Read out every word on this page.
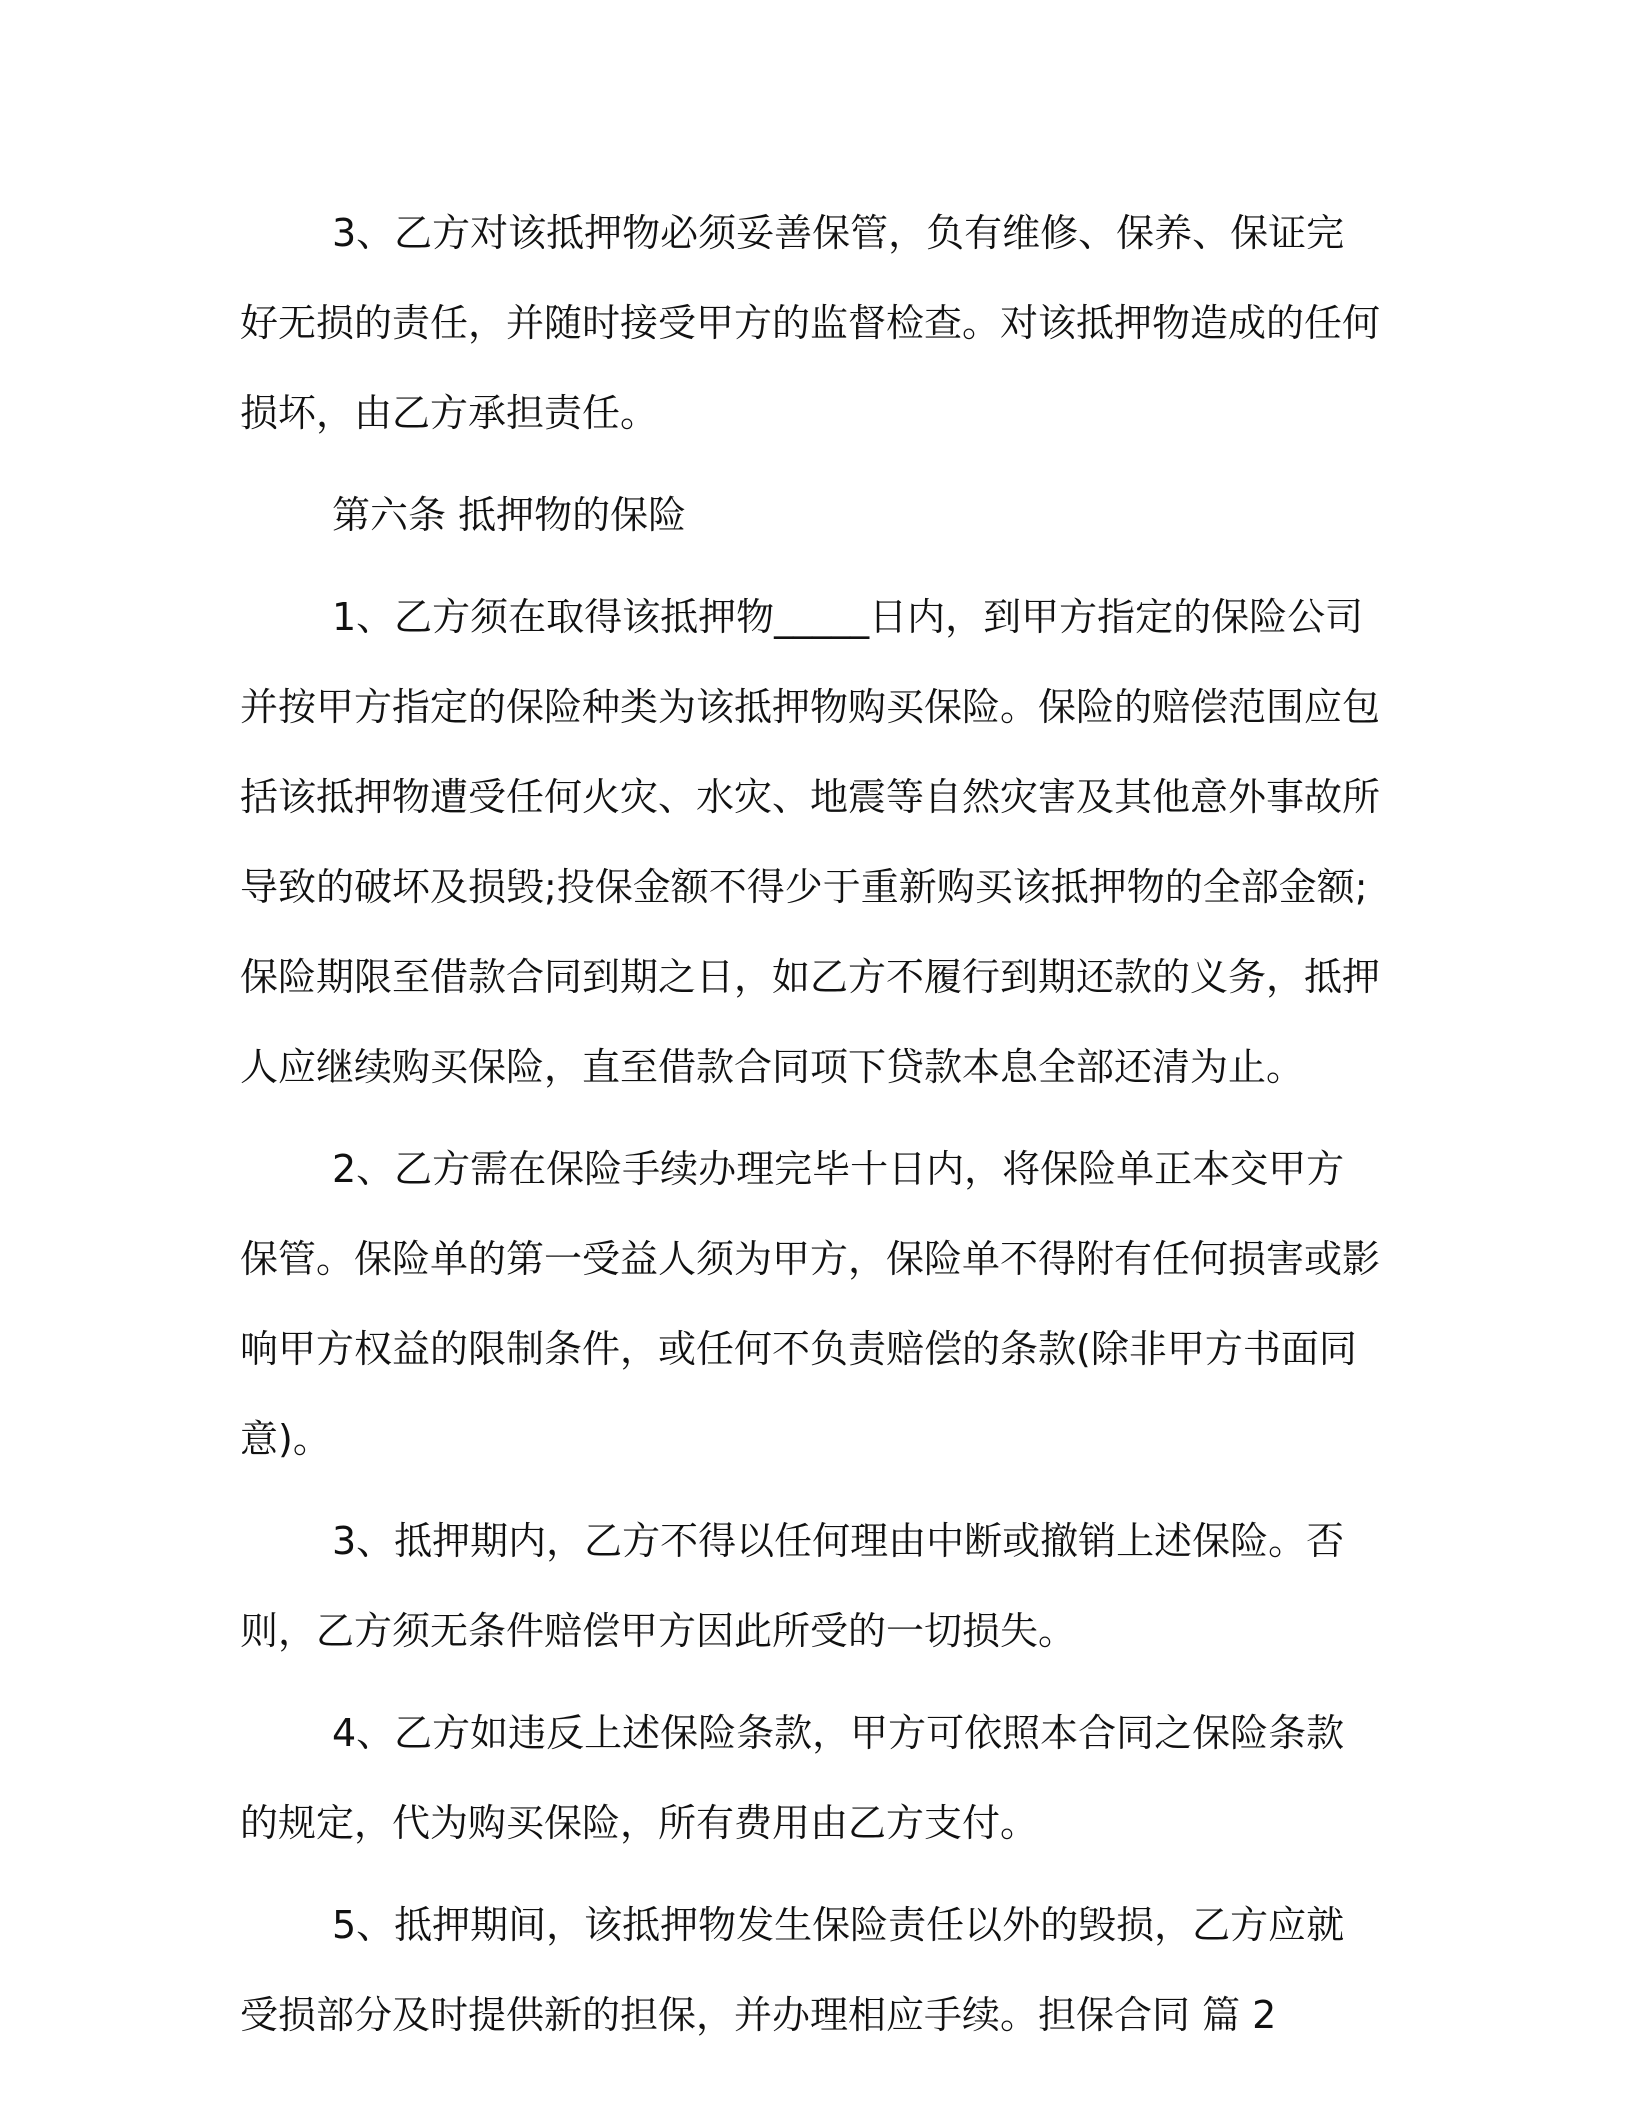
3、乙方对该抵押物必须妥善保管，负有维修、保养、保证完好无损的责任，并随时接受甲方的监督检查。对该抵押物造成的任何损坏，由乙方承担责任。

第六条 抵押物的保险

1、乙方须在取得该抵押物_____日内，到甲方指定的保险公司并按甲方指定的保险种类为该抵押物购买保险。保险的赔偿范围应包括该抵押物遭受任何火灾、水灾、地震等自然灾害及其他意外事故所导致的破坏及损毁;投保金额不得少于重新购买该抵押物的全部金额;保险期限至借款合同到期之日，如乙方不履行到期还款的义务，抵押人应继续购买保险，直至借款合同项下贷款本息全部还清为止。

2、乙方需在保险手续办理完毕十日内，将保险单正本交甲方保管。保险单的第一受益人须为甲方，保险单不得附有任何损害或影响甲方权益的限制条件，或任何不负责赔偿的条款(除非甲方书面同意)。

3、抵押期内，乙方不得以任何理由中断或撤销上述保险。否则，乙方须无条件赔偿甲方因此所受的一切损失。

4、乙方如违反上述保险条款，甲方可依照本合同之保险条款的规定，代为购买保险，所有费用由乙方支付。

5、抵押期间，该抵押物发生保险责任以外的毁损，乙方应就受损部分及时提供新的担保，并办理相应手续。担保合同 篇 2
